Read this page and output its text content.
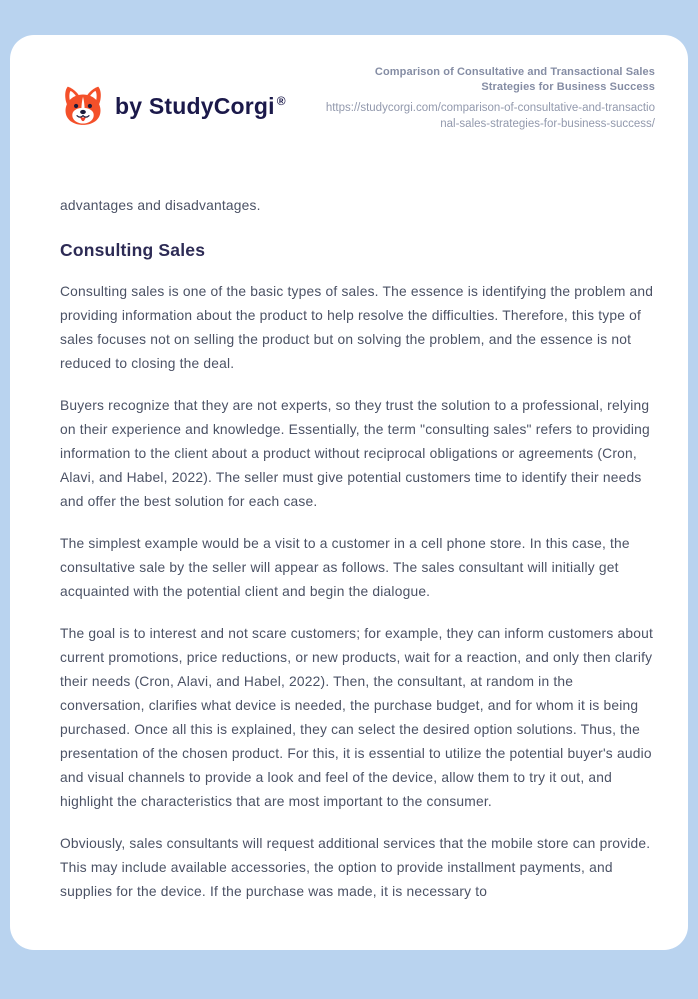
by StudyCorgi ®
Comparison of Consultative and Transactional Sales Strategies for Business Success
https://studycorgi.com/comparison-of-consultative-and-transactional-sales-strategies-for-business-success/

advantages and disadvantages.

Consulting Sales

Consulting sales is one of the basic types of sales. The essence is identifying the problem and providing information about the product to help resolve the difficulties. Therefore, this type of sales focuses not on selling the product but on solving the problem, and the essence is not reduced to closing the deal.

Buyers recognize that they are not experts, so they trust the solution to a professional, relying on their experience and knowledge. Essentially, the term "consulting sales" refers to providing information to the client about a product without reciprocal obligations or agreements (Cron, Alavi, and Habel, 2022). The seller must give potential customers time to identify their needs and offer the best solution for each case.

The simplest example would be a visit to a customer in a cell phone store. In this case, the consultative sale by the seller will appear as follows. The sales consultant will initially get acquainted with the potential client and begin the dialogue.

The goal is to interest and not scare customers; for example, they can inform customers about current promotions, price reductions, or new products, wait for a reaction, and only then clarify their needs (Cron, Alavi, and Habel, 2022). Then, the consultant, at random in the conversation, clarifies what device is needed, the purchase budget, and for whom it is being purchased. Once all this is explained, they can select the desired option solutions. Thus, the presentation of the chosen product. For this, it is essential to utilize the potential buyer's audio and visual channels to provide a look and feel of the device, allow them to try it out, and highlight the characteristics that are most important to the consumer.

Obviously, sales consultants will request additional services that the mobile store can provide. This may include available accessories, the option to provide installment payments, and supplies for the device. If the purchase was made, it is necessary to
